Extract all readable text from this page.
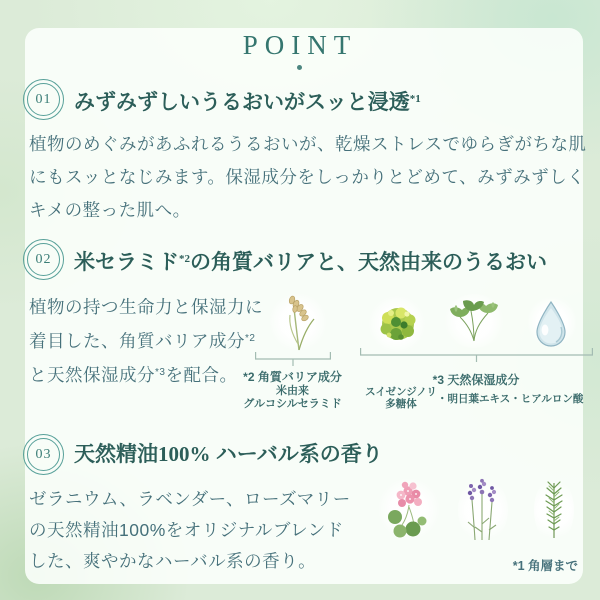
POINT
01	みずみずしいうるおいがスッと浸透$^{*1}$
植物のめぐみがあふれるうるおいが、乾燥ストレスでゆらぎがちな肌
にもスッとなじみます。保湿成分をしっかりとどめて、みずみずしく
キメの整った肌へ。
02	米セラミド$^{*2}$の角質バリアと、天然由来のうるおい
植物の持つ生命力と保湿力に
着目した、角質バリア成分$^{*2}$
と天然保湿成分$^{*3}$を配合。 *2 角質バリア成分
米由来
グルコシルセラミド
*3 天然保湿成分
スイゼンジノリ
多糖体	・明日葉エキス・ヒアルロン酸
03	天然精油100% ハーバル系の香り
ゼラニウム、ラベンダー、ローズマリー
の天然精油100%をオリジナルブレンド
した、爽やかなハーバル系の香り。	*1 角層まで
